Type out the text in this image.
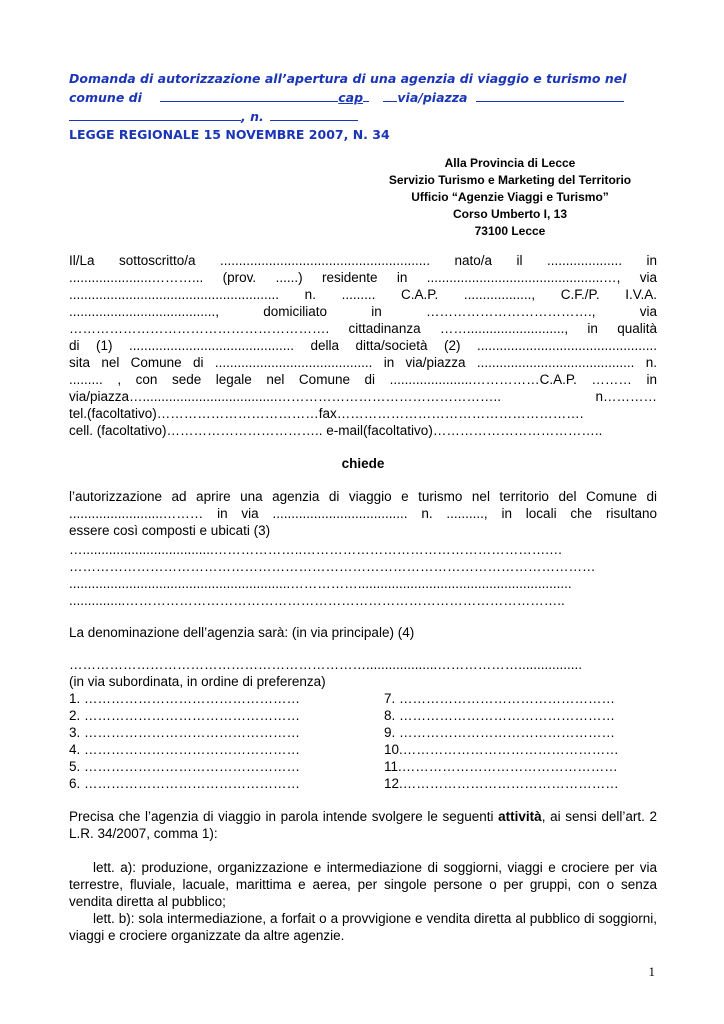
Domanda di autorizzazione all’apertura di una agenzia di viaggio e turismo nel
comune di	cap	via/piazza
, n.
LEGGE REGIONALE 15 NOVEMBRE 2007, N. 34
Alla Provincia di Lecce
Servizio Turismo e Marketing del Territorio
Ufficio “Agenzie Viaggi e Turismo”
Corso Umberto I, 13
73100 Lecce
Il/La sottoscritto/a ........................................................ nato/a il .................... in
......................………... (prov. ......) residente in ...............................................…, via
........................................................ n. ......... C.A.P. .................., C.F./P. I.V.A.
......................................., domiciliato in ………………………………., via
…………………………………………………. cittadinanza …….........................., in qualità
di (1) ............................................ della ditta/società (2) ................................................
sita nel Comune di .......................................... in via/piazza .......................................... n.
......... , con sede legale nel Comune di ......................……………C.A.P. ……… in
via/piazza…....................................………………………………………….. n…………
tel.(facoltativo)………………………………fax……………………………………………….
cell. (facoltativo)…………………………….. e-mail(facoltativo)………………………………..
chiede
l’autorizzazione ad aprire una agenzia di viaggio e turismo nel territorio del Comune di
.........................……… in via .................................... n. .........., in locali che risultano
essere così composti e ubicati (3)
…...................................………………..……………………………………………….…
………………………………………………………………………………………………………
...........................................................…………….........................................................
...............……………………………………………………………………………………..
La denominazione dell’agenzia sarà: (in via principale) (4)
…………………………………………………………...................……………….................
(in via subordinata, in ordine di preferenza)
1. …………………………………………
2. …………………………………………
3. …………………………………………
4. …………………………………………
5. …………………………………………
6. …………………………………………
7. …………………………………………
8. …………………………………………
9. …………………………………………
10.…………………………………………
11.…………………………………………
12.…………………………………………
Precisa che l’agenzia di viaggio in parola intende svolgere le seguenti attività, ai sensi dell’art. 2 L.R. 34/2007, comma 1):
lett. a): produzione, organizzazione e intermediazione di soggiorni, viaggi e crociere per via terrestre, fluviale, lacuale, marittima e aerea, per singole persone o per gruppi, con o senza vendita diretta al pubblico;
lett. b): sola intermediazione, a forfait o a provvigione e vendita diretta al pubblico di soggiorni, viaggi e crociere organizzate da altre agenzie.
1
